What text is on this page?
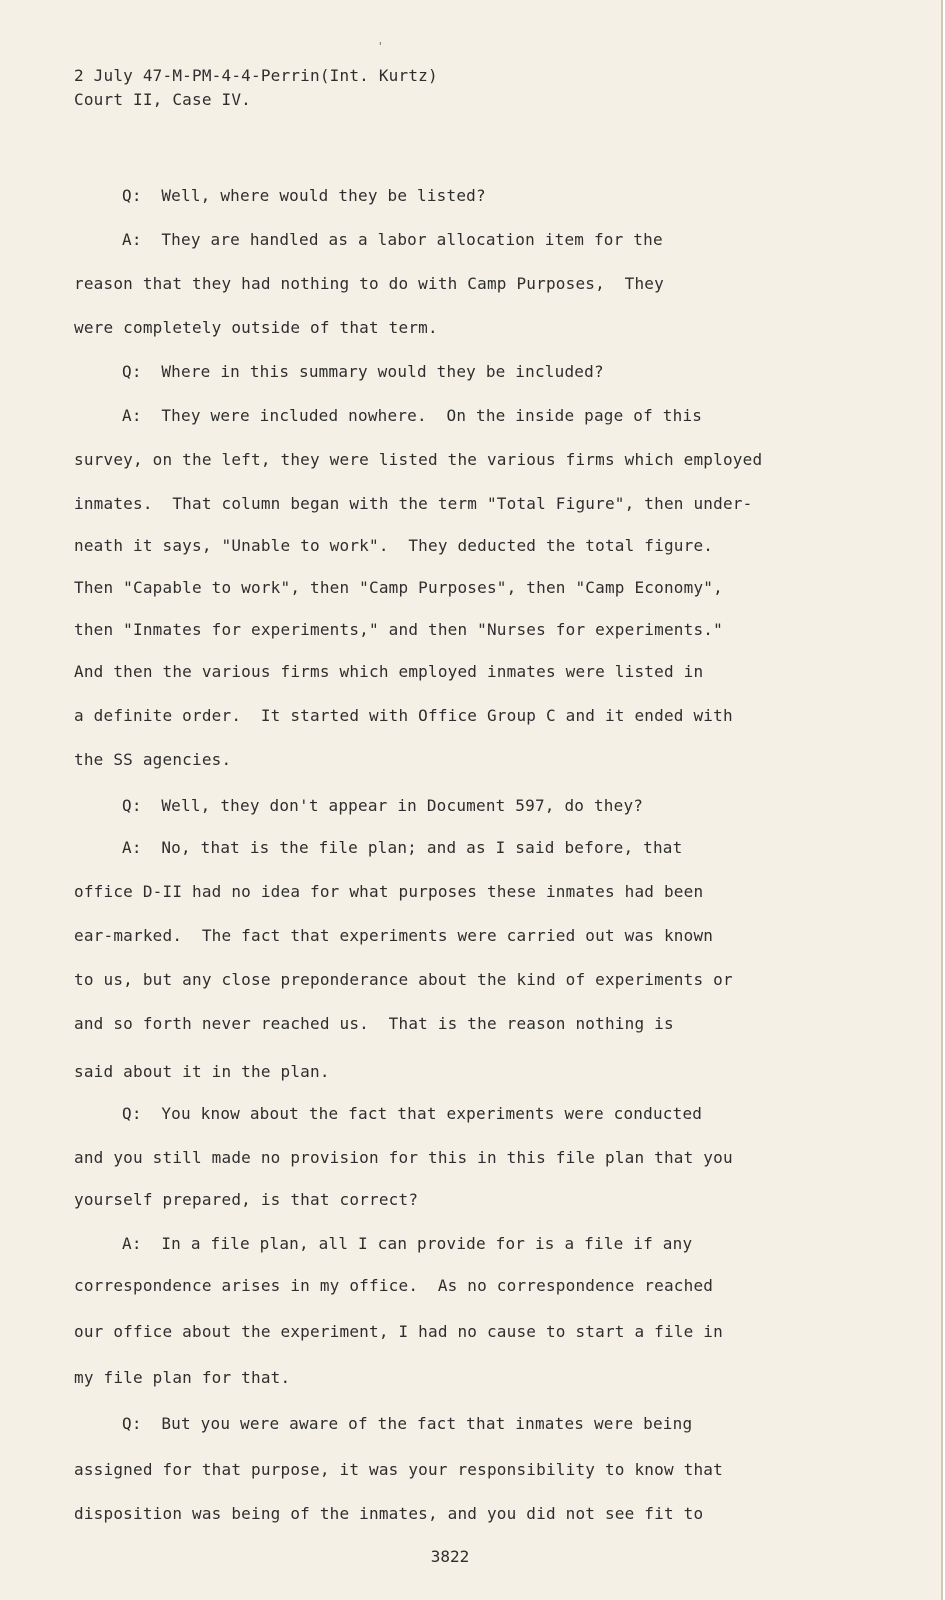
2 July 47-M-PM-4-4-Perrin(Int. Kurtz)
Court II, Case IV.
'
Q:  Well, where would they be listed?
A:  They are handled as a labor allocation item for the
reason that they had nothing to do with Camp Purposes,  They
were completely outside of that term.
Q:  Where in this summary would they be included?
A:  They were included nowhere.  On the inside page of this
survey, on the left, they were listed the various firms which employed
inmates.  That column began with the term "Total Figure", then under-
neath it says, "Unable to work".  They deducted the total figure.
Then "Capable to work", then "Camp Purposes", then "Camp Economy",
then "Inmates for experiments," and then "Nurses for experiments."
And then the various firms which employed inmates were listed in
a definite order.  It started with Office Group C and it ended with
the SS agencies.
Q:  Well, they don't appear in Document 597, do they?
A:  No, that is the file plan; and as I said before, that
office D-II had no idea for what purposes these inmates had been
ear-marked.  The fact that experiments were carried out was known
to us, but any close preponderance about the kind of experiments or
and so forth never reached us.  That is the reason nothing is
said about it in the plan.
Q:  You know about the fact that experiments were conducted
and you still made no provision for this in this file plan that you
yourself prepared, is that correct?
A:  In a file plan, all I can provide for is a file if any
correspondence arises in my office.  As no correspondence reached
our office about the experiment, I had no cause to start a file in
my file plan for that.
Q:  But you were aware of the fact that inmates were being
assigned for that purpose, it was your responsibility to know that
disposition was being of the inmates, and you did not see fit to
3822
